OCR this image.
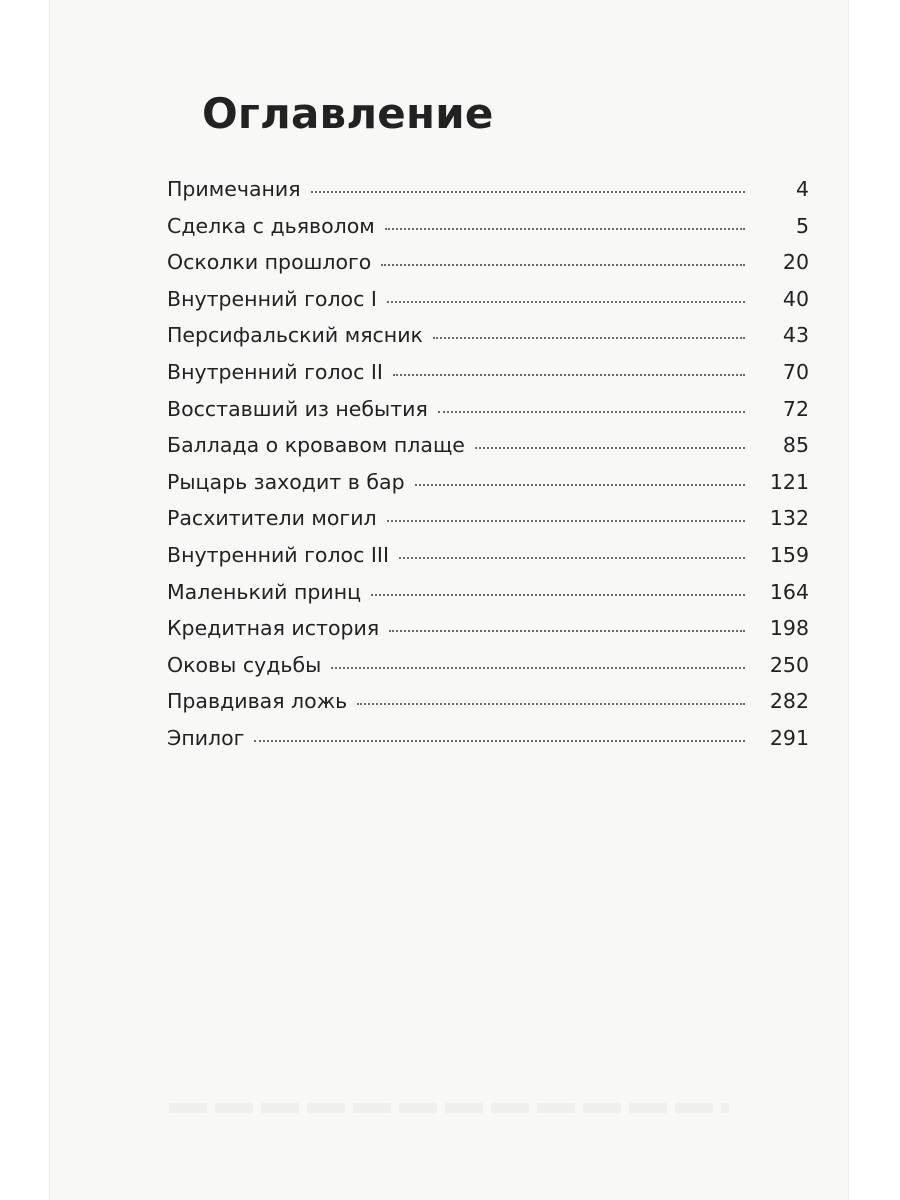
Оглавление
Примечания	4
Сделка с дьяволом	5
Осколки прошлого	20
Внутренний голос I	40
Персифальский мясник	43
Внутренний голос II	70
Восставший из небытия	72
Баллада о кровавом плаще	85
Рыцарь заходит в бар	121
Расхитители могил	132
Внутренний голос III	159
Маленький принц	164
Кредитная история	198
Оковы судьбы	250
Правдивая ложь	282
Эпилог	291
